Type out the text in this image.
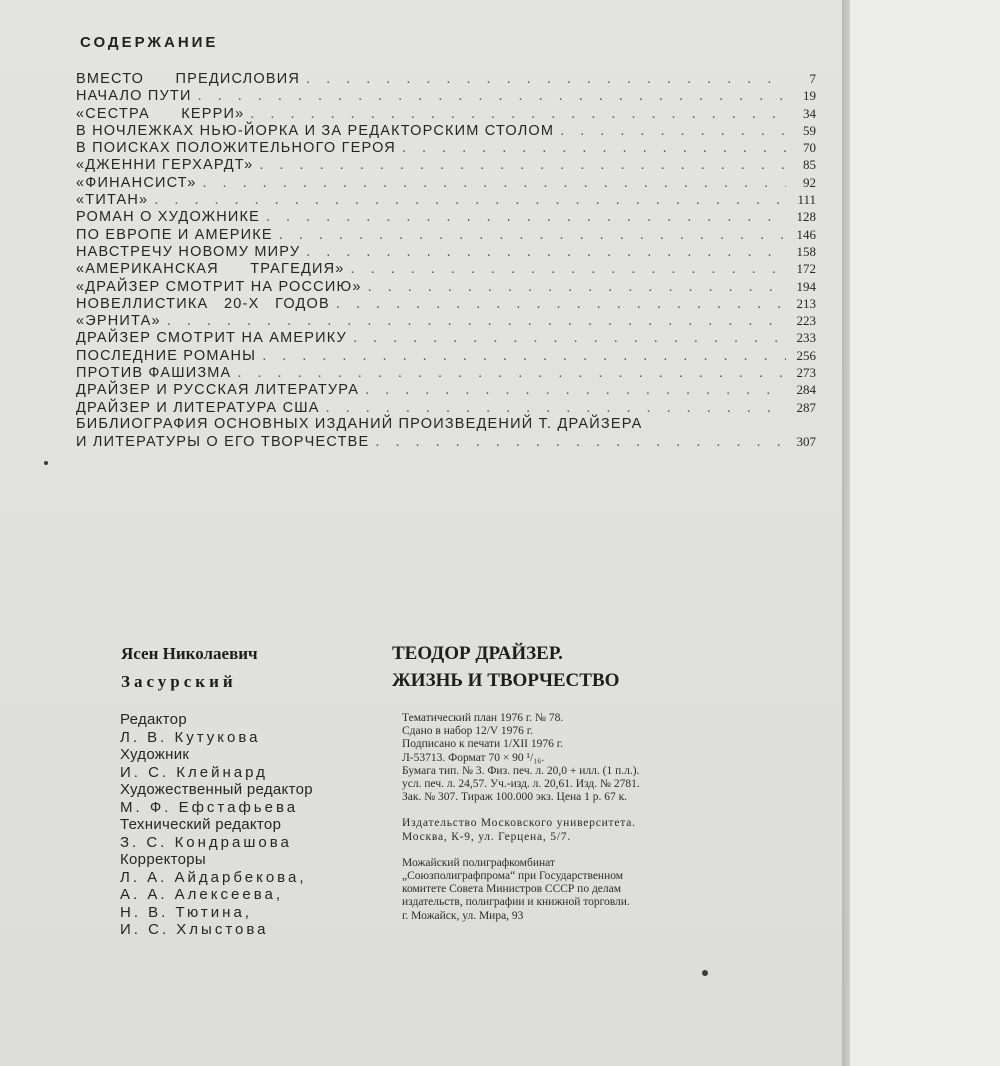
СОДЕРЖАНИЕ
ВМЕСТО      ПРЕДИСЛОВИЯ . . .	7
НАЧАЛО ПУТИ . . .	19
«СЕСТРА      КЕРРИ» . . .	34
В НОЧЛЕЖКАХ НЬЮ-ЙОРКА И ЗА РЕДАКТОРСКИМ СТОЛОМ . . .	59
В ПОИСКАХ ПОЛОЖИТЕЛЬНОГО ГЕРОЯ . . .	70
«ДЖЕННИ ГЕРХАРДТ» . . .	85
«ФИНАНСИСТ» . . .	92
«ТИТАН» . . .	111
РОМАН О ХУДОЖНИКЕ . . .	128
ПО ЕВРОПЕ И АМЕРИКЕ . . .	146
НАВСТРЕЧУ НОВОМУ МИРУ . . .	158
«АМЕРИКАНСКАЯ      ТРАГЕДИЯ» . . .	172
«ДРАЙЗЕР СМОТРИТ НА РОССИЮ» . . .	194
НОВЕЛЛИСТИКА   20-Х   ГОДОВ . . .	213
«ЭРНИТА» . . .	223
ДРАЙЗЕР СМОТРИТ НА АМЕРИКУ . . .	233
ПОСЛЕДНИЕ РОМАНЫ . . .	256
ПРОТИВ ФАШИЗМА . . .	273
ДРАЙЗЕР И РУССКАЯ ЛИТЕРАТУРА . . .	284
ДРАЙЗЕР И ЛИТЕРАТУРА США . . .	287
БИБЛИОГРАФИЯ ОСНОВНЫХ ИЗДАНИЙ ПРОИЗВЕДЕНИЙ Т. ДРАЙЗЕРА
И ЛИТЕРАТУРЫ О ЕГО ТВОРЧЕСТВЕ . . .	307
Ясен Николаевич
Засурский
ТЕОДОР ДРАЙЗЕР.
ЖИЗНЬ И ТВОРЧЕСТВО
Редактор
Л. В. Кутукова
Художник
И. С. Клейнард
Художественный редактор
М. Ф. Ефстафьева
Технический редактор
З. С. Кондрашова
Корректоры
Л. А. Айдарбекова,
А. А. Алексеева,
Н. В. Тютина,
И. С. Хлыстова
Тематический план 1976 г. № 78.
Сдано в набор 12/V 1976 г.
Подписано к печати 1/XII 1976 г.
Л-53713. Формат 70 × 90 ¹/₁₆.
Бумага тип. № 3. Физ. печ. л. 20,0 + илл. (1 п.л.).
усл. печ. л. 24,57. Уч.-изд. л. 20,61. Изд. № 2781.
Зак. № 307. Тираж 100.000 экз. Цена 1 р. 67 к.
Издательство Московского университета.
Москва, К-9, ул. Герцена, 5/7.
Можайский полиграфкомбинат
„Союзполиграфпрома“ при Государственном
комитете Совета Министров СССР по делам
издательств, полиграфии и книжной торговли.
г. Можайск, ул. Мира, 93
